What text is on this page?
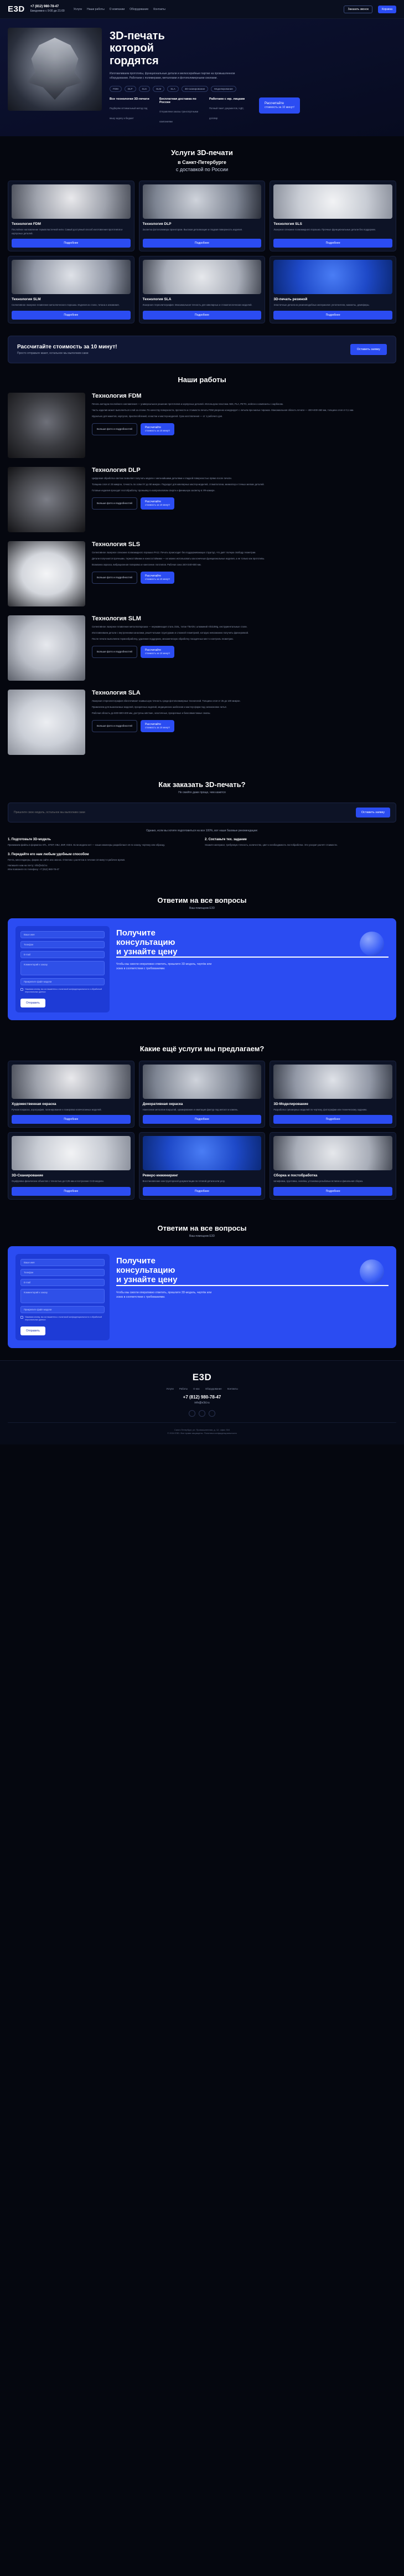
E3D +7 (812) 980-78-47
Ежедневно с 9:00 до 21:00
Услуги Наши работы О компании Оборудование Контакты	Заказать звонок	Корзина
3D-печать
которой
гордятся
Изготавливаем прототипы, функциональные детали и мелкосерийные партии на промышленном оборудовании. Работаем с полимерами, металлами и фотополимерными смолами.
FDM	DLP	SLS	SLM	SLA	3D-сканирование	Моделирование
Все технологии 3D-печати
Подберём оптимальный метод под вашу задачу и бюджет
Бесплатная доставка по России
Отправляем заказы транспортными компаниями
Работаем с юр. лицами
Полный пакет документов, НДС, договор
Рассчитайте
стоимость за 10 минут!
Услуги 3D-печати
в Санкт-Петербурге
с доставкой по России
Технология FDM

Послойное наплавление термопластичной нити. Самый доступный способ изготовления прототипов и корпусных деталей.

Подробнее
Технология DLP

Засветка фотополимера проектором. Высокая детализация и гладкая поверхность изделия.

Подробнее
Технология SLS

Лазерное спекание полиамидного порошка. Прочные функциональные детали без поддержек.

Подробнее
Технология SLM

Селективное лазерное плавление металлического порошка. Изделия из стали, титана и алюминия.

Подробнее
Технология SLA

Лазерная стереолитография. Максимальная точность для ювелирных и стоматологических моделей.

Подробнее
3D-печать резиной

Эластичные детали из резиноподобных материалов: уплотнители, манжеты, демпферы.

Подробнее
Рассчитайте стоимость за 10 минут!

Просто отправьте макет, остальное мы выполним сами

Оставить заявку
Наши работы
Технология FDM

Печать методом послойного наплавления — универсальное решение прототипов и корпусных деталей. Используем пластики ABS, PLA, PETG, нейлон и композиты с карбоном.

Часть изделия может выполняться слой за слоем. По качеству поверхности, прочности и стоимости печать FDM уверенно конкурирует с литьём при малых тиражах. Максимальная область печати — 400×400×450 мм, толщина слоя от 0,1 мм.

Идеально для макетов, корпусов, приспособлений, оснастки и мастер-моделей. Срок изготовления — от 1 рабочего дня.

Больше фото и подробностей	Рассчитайте
стоимость за 10 минут!
Технология DLP

Цифровая обработка светом позволяет получать модели с мельчайшими деталями и гладкой поверхностью прямо после печати.

Толщина слоя от 25 микрон, точность по осям XY до 50 микрон. Подходит для ювелирных мастер-моделей, стоматологии, миниатюр и точных мелких деталей.

Готовые изделия проходят постобработку: промывку в изопропиловом спирте и финишную засветку в УФ-камере.

Больше фото и подробностей	Рассчитайте
стоимость за 10 минут!
Технология SLS

Селективное лазерное спекание полиамидного порошка PA12. Печать происходит без поддерживающих структур, что даёт полную свободу геометрии.

Детали получаются прочными, термостойкими и износостойкими — их можно использовать как конечные функциональные изделия, а не только как прототипы.

Возможна окраска, вибрационная полировка и нанесение логотипов. Рабочая зона 340×340×600 мм.

Больше фото и подробностей	Рассчитайте
стоимость за 10 минут!
Технология SLM

Селективное лазерное плавление металлопорошка — нержавеющая сталь 316L, титан Ti6Al4V, алюминий AlSi10Mg, инструментальные стали.

Изготавливаем детали с внутренними каналами, решётчатыми структурами и сложной геометрией, которую невозможно получить фрезеровкой.

После печати выполняем термообработку, удаление поддержек, механическую обработку посадочных мест и контроль геометрии.

Больше фото и подробностей	Рассчитайте
стоимость за 10 минут!
Технология SLA

Лазерная стереолитография обеспечивает наивысшую точность среди фотополимерных технологий. Толщина слоя от 25 до 100 микрон.

Применяем для выжигаемых моделей, прозрачных изделий, медицинских шаблонов и мастер-форм под силиконовое литьё.

Рабочая область до 600×600×400 мм, доступны жёсткие, эластичные, прозрачные и биосовместимые смолы.

Больше фото и подробностей	Рассчитайте
стоимость за 10 минут!
Как заказать 3D-печать?
Не смейте даже проще, чем кажется
Пришлите свою модель, остальное мы выполним сами
Оставить заявку
Однако, если вы хотите подготовиться на все 100%, вот наши базовые рекомендации:
1. Подготовьте 3D-модель

Принимаем файлы в форматах STL, STEP, OBJ, 3MF, IGES. Если модели нет — наши инженеры разработают её по эскизу, чертежу или образцу.

2. Составьте тех. задание

Укажите материал, требуемую точность, количество, цвет и необходимость постобработки. Это ускорит расчёт стоимости.

3. Передайте его нам любым удобным способом

Почта, мессенджеры, форма на сайте или звонок. Ответим с расчётом в течение 10 минут в рабочее время.

Напишите нам на почту: info@e3d.ru

Или позвоните по телефону: +7 (812) 980-78-47

Ответим на все вопросы
Ваш помощник E3D
Ваше имя
Телефон
E-mail
Комментарий к заказу
Прикрепите файл модели
Нажимая кнопку, вы соглашаетесь с политикой конфиденциальности и обработкой персональных данных
Отправить
Получите
консультацию
и узнайте цену

Чтобы мы смогли оперативно ответить, пришлите 3D-модель, чертёж или эскиз в соответствии с требованиями.

Какие ещё услуги мы предлагаем?
Художественная окраска

Ручная покраска, аэрография, патинирование и лакировка напечатанных моделей.

Подробнее
Декоративная окраска

Нанесение металлик-покрытий, хромирование и имитация фактур под металл и камень.

Подробнее
3D-Моделирование

Разработка трёхмерных моделей по чертежу, фотографии или техническому заданию.

Подробнее
3D-Сканирование

Оцифровка физических объектов с точностью до 0,05 мм и построение CAD-модели.

Подробнее
Реверс-инжиниринг

Восстановление конструкторской документации по готовой детали или узлу.

Подробнее
Сборка и постобработка

Шлифовка, грунтовка, склейка, установка резьбовых вставок и финальная сборка.

Подробнее
Ответим на все вопросы
Ваш помощник E3D
Ваше имя
Телефон
E-mail
Комментарий к заказу
Прикрепите файл модели
Нажимая кнопку, вы соглашаетесь с политикой конфиденциальности и обработкой персональных данных
Отправить
Получите
консультацию
и узнайте цену

Чтобы мы смогли оперативно ответить, пришлите 3D-модель, чертёж или эскиз в соответствии с требованиями.

E3D
Услуги Работы О нас Оборудование Контакты
+7 (812) 980-78-47
info@e3d.ru
Санкт-Петербург, ул. Промышленная, д. 12, офис 304
© 2024 E3D. Все права защищены. Политика конфиденциальности
